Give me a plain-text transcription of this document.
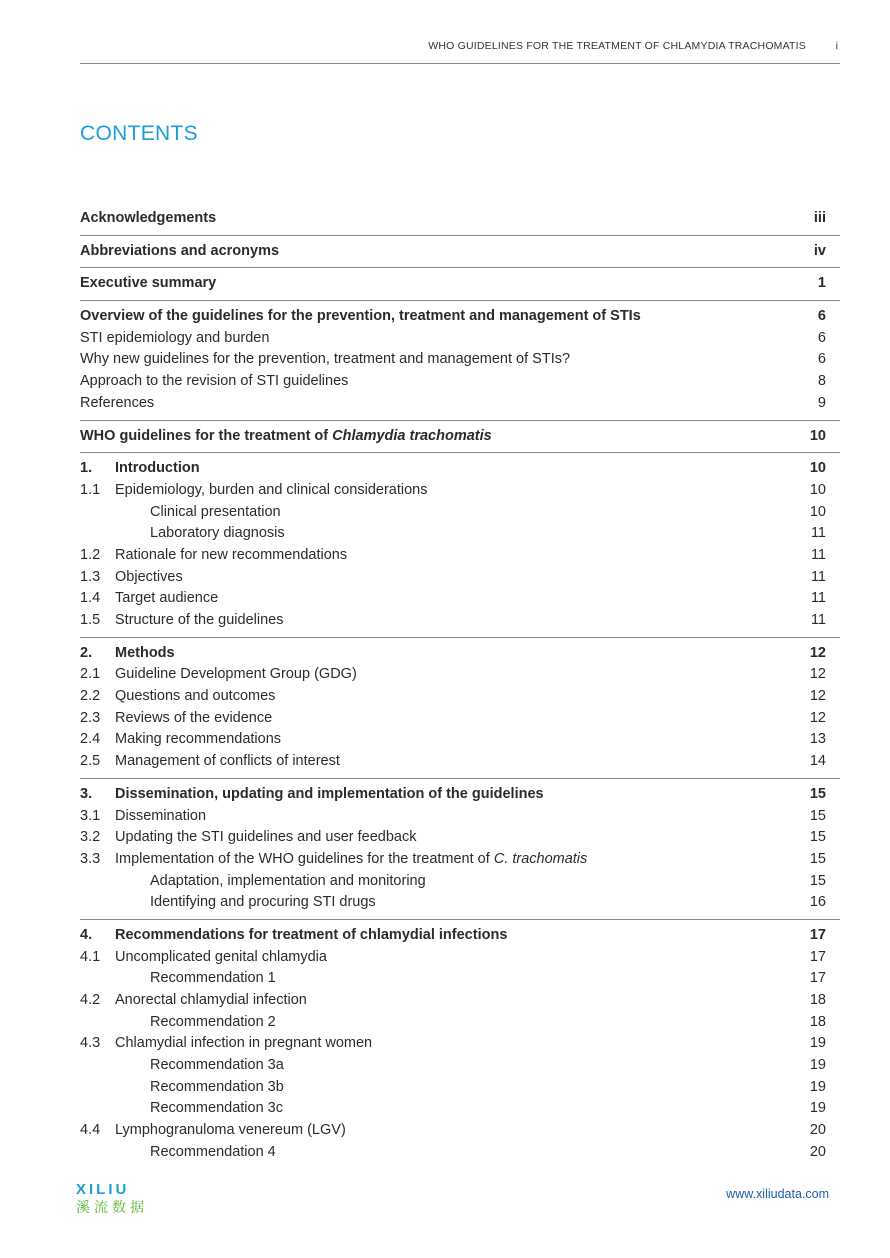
WHO GUIDELINES FOR THE TREATMENT OF CHLAMYDIA TRACHOMATIS	i
CONTENTS
Acknowledgements	iii
Abbreviations and acronyms	iv
Executive summary	1
Overview of the guidelines for the prevention, treatment and management of STIs	6
STI epidemiology and burden	6
Why new guidelines for the prevention, treatment and management of STIs?	6
Approach to the revision of STI guidelines	8
References	9
WHO guidelines for the treatment of Chlamydia trachomatis	10
1.	Introduction	10
1.1	Epidemiology, burden and clinical considerations	10
Clinical presentation	10
Laboratory diagnosis	11
1.2	Rationale for new recommendations	11
1.3	Objectives	11
1.4	Target audience	11
1.5	Structure of the guidelines	11
2.	Methods	12
2.1	Guideline Development Group (GDG)	12
2.2	Questions and outcomes	12
2.3	Reviews of the evidence	12
2.4	Making recommendations	13
2.5	Management of conflicts of interest	14
3.	Dissemination, updating and implementation of the guidelines	15
3.1	Dissemination	15
3.2	Updating the STI guidelines and user feedback	15
3.3	Implementation of the WHO guidelines for the treatment of C. trachomatis	15
Adaptation, implementation and monitoring	15
Identifying and procuring STI drugs	16
4.	Recommendations for treatment of chlamydial infections	17
4.1	Uncomplicated genital chlamydia	17
Recommendation 1	17
4.2	Anorectal chlamydial infection	18
Recommendation 2	18
4.3	Chlamydial infection in pregnant women	19
Recommendation 3a	19
Recommendation 3b	19
Recommendation 3c	19
4.4	Lymphogranuloma venereum (LGV)	20
Recommendation 4	20
XILIU
溪流数据
www.xiliudata.com
